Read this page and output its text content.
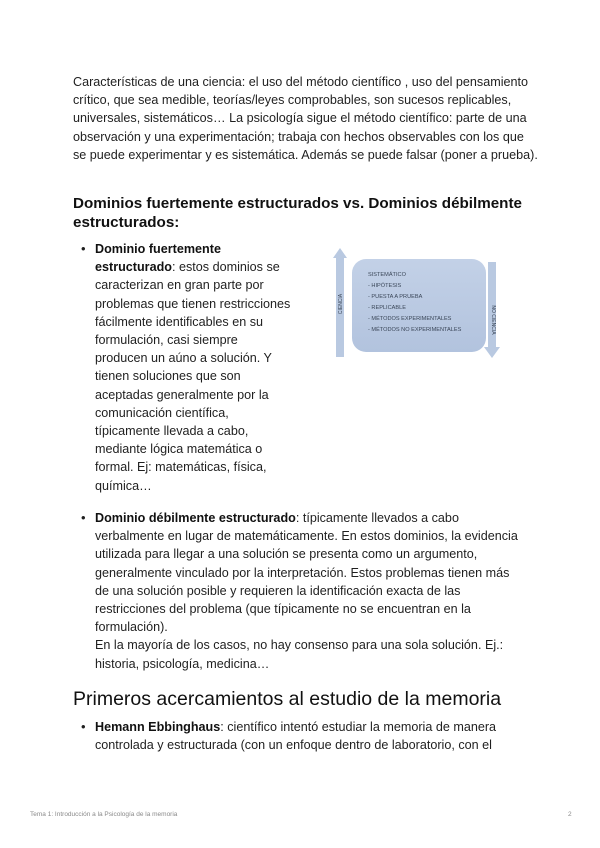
Características de una ciencia: el uso del método científico , uso del pensamiento crítico, que sea medible, teorías/leyes comprobables, son sucesos replicables, universales, sistemáticos… La psicología sigue el método científico: parte de una observación y una experimentación; trabaja con hechos observables con los que se puede experimentar y es sistemática. Además se puede falsar (poner a prueba).

Dominios fuertemente estructurados vs. Dominios débilmente estructurados:

• Dominio fuertemente estructurado: estos dominios se caracterizan en gran parte por problemas que tienen restricciones fácilmente identificables en su formulación, casi siempre producen un aúno a solución. Y tienen soluciones que son aceptadas generalmente por la comunicación científica, típicamente llevada a cabo, mediante lógica matemática o formal. Ej: matemáticas, física, química…

CIENCIA
NO CIENCIA
SISTEMÁTICO
- HIPÓTESIS
- PUESTA A PRUEBA
- REPLICABLE
- MÉTODOS EXPERIMENTALES
- MÉTODOS NO EXPERIMENTALES

• Dominio débilmente estructurado: típicamente llevados a cabo verbalmente en lugar de matemáticamente. En estos dominios, la evidencia utilizada para llegar a una solución se presenta como un argumento, generalmente vinculado por la interpretación. Estos problemas tienen más de una solución posible y requieren la identificación exacta de las restricciones del problema (que típicamente no se encuentran en la formulación).
En la mayoría de los casos, no hay consenso para una sola solución. Ej.: historia, psicología, medicina…

Primeros acercamientos al estudio de la memoria

• Hemann Ebbinghaus: científico intentó estudiar la memoria de manera controlada y estructurada (con un enfoque dentro de laboratorio, con el

Tema 1: Introducción a la Psicología de la memoria	2
